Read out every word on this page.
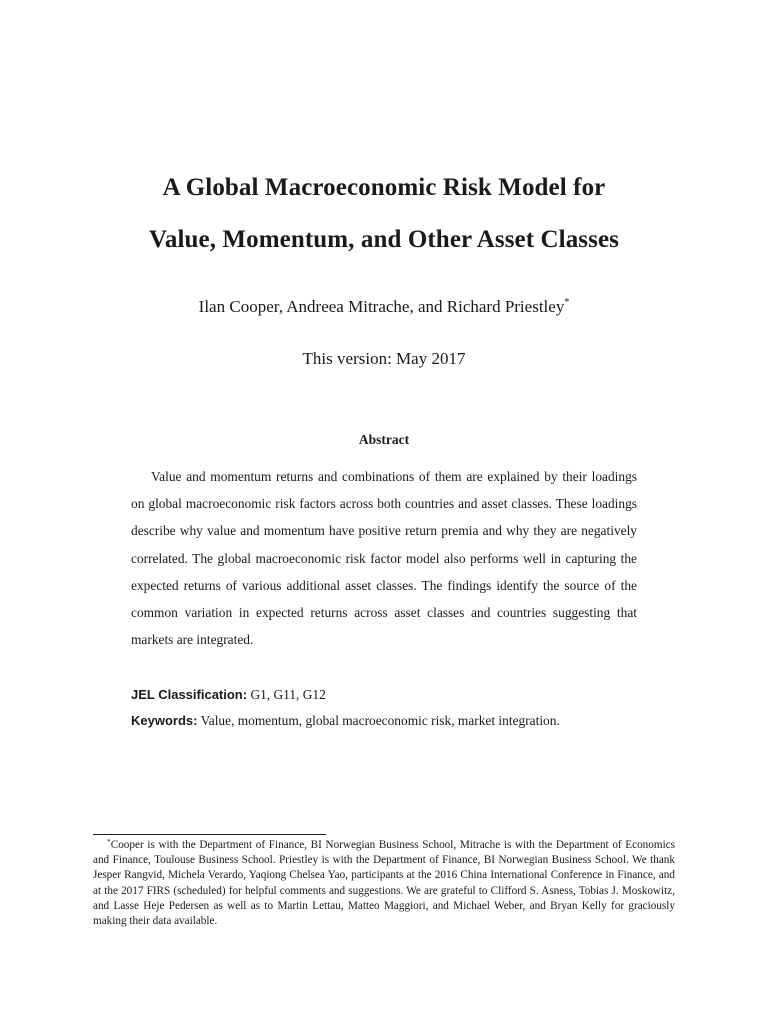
A Global Macroeconomic Risk Model for
Value, Momentum, and Other Asset Classes
Ilan Cooper, Andreea Mitrache, and Richard Priestley*
This version: May 2017
Abstract

Value and momentum returns and combinations of them are explained by their loadings on global macroeconomic risk factors across both countries and asset classes. These loadings describe why value and momentum have positive return premia and why they are negatively correlated. The global macroeconomic risk factor model also performs well in capturing the expected returns of various additional asset classes. The findings identify the source of the common variation in expected returns across asset classes and countries suggesting that markets are integrated.

JEL Classification: G1, G11, G12
Keywords: Value, momentum, global macroeconomic risk, market integration.

*Cooper is with the Department of Finance, BI Norwegian Business School, Mitrache is with the Department of Economics and Finance, Toulouse Business School. Priestley is with the Department of Finance, BI Norwegian Business School. We thank Jesper Rangvid, Michela Verardo, Yaqiong Chelsea Yao, participants at the 2016 China International Conference in Finance, and at the 2017 FIRS (scheduled) for helpful comments and suggestions. We are grateful to Clifford S. Asness, Tobias J. Moskowitz, and Lasse Heje Pedersen as well as to Martin Lettau, Matteo Maggiori, and Michael Weber, and Bryan Kelly for graciously making their data available.
